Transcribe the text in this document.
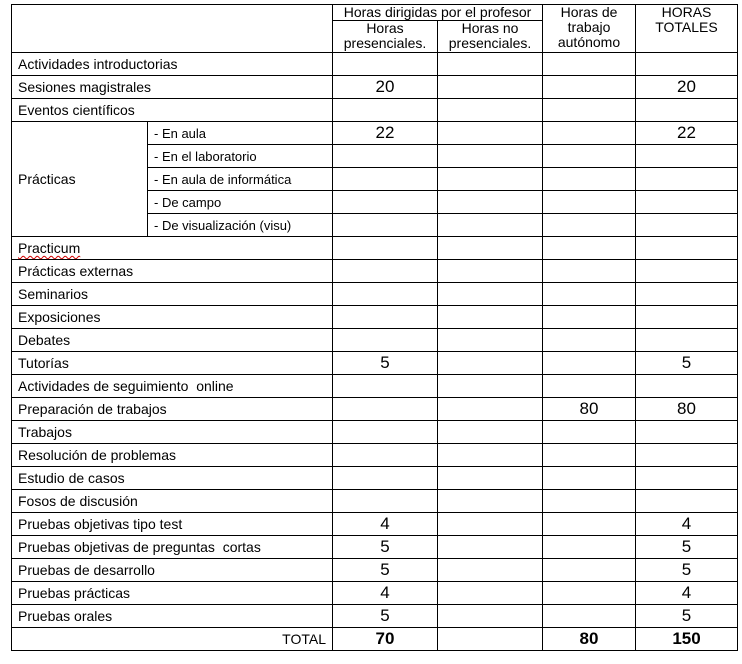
		Horas dirigidas por el profesor		Horas de trabajo autónomo	HORAS TOTALES
		Horas presenciales.	Horas no presenciales.		
Actividades introductorias					
Sesiones magistrales		20			20
Eventos científicos					
Prácticas	- En aula	22			22
	- En el laboratorio				
	- En aula de informática				
	- De campo				
	- De visualización (visu)				
Practicum					
Prácticas externas					
Seminarios					
Exposiciones					
Debates					
Tutorías		5			5
Actividades de seguimiento  online					
Preparación de trabajos				80	80
Trabajos					
Resolución de problemas					
Estudio de casos					
Fosos de discusión					
Pruebas objetivas tipo test		4			4
Pruebas objetivas de preguntas  cortas		5			5
Pruebas de desarrollo		5			5
Pruebas prácticas		4			4
Pruebas orales		5			5
TOTAL		70		80	150
